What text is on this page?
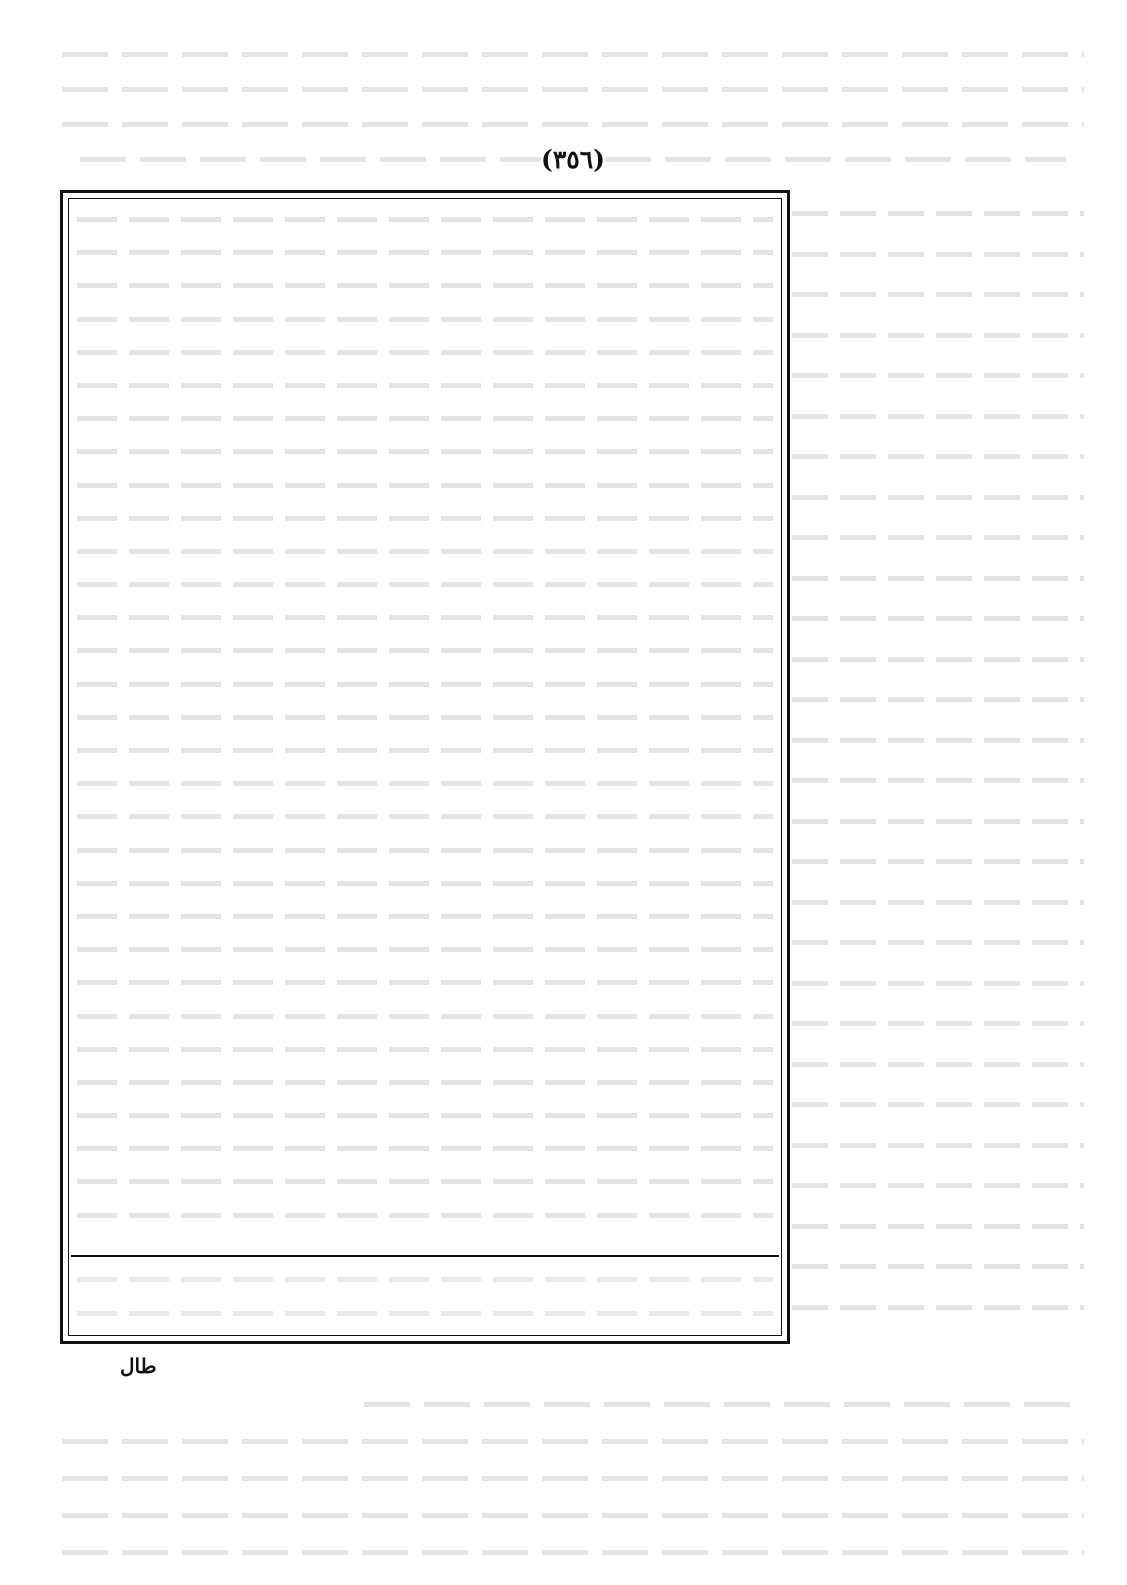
(٣٥٦)
طال
